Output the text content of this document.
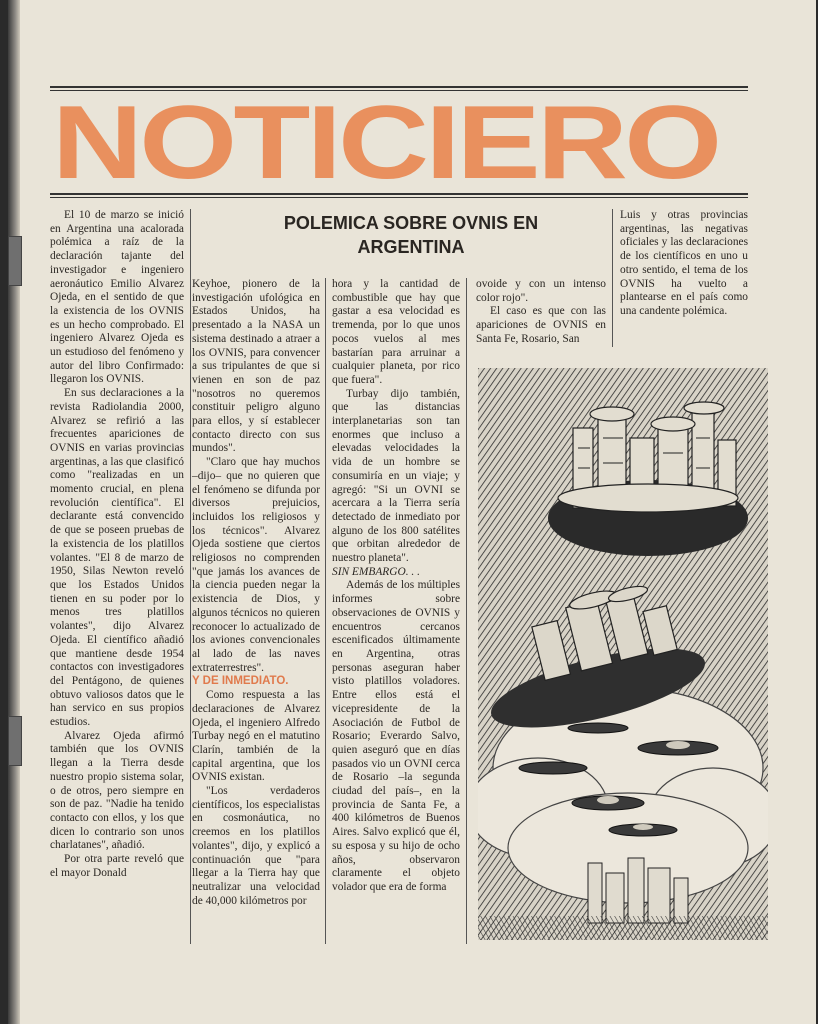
NOTICIERO

El 10 de marzo se inició en Argentina una acalorada polémica a raíz de la declaración tajante del investigador e ingeniero aeronáutico Emilio Alvarez Ojeda, en el sentido de que la existencia de los OVNIS es un hecho comprobado. El ingeniero Alvarez Ojeda es un estudioso del fenómeno y autor del libro Confirmado: llegaron los OVNIS.

En sus declaraciones a la revista Radiolandia 2000, Alvarez se refirió a las frecuentes apariciones de OVNIS en varias provincias argentinas, a las que clasificó como "realizadas en un momento crucial, en plena revolución científica". El declarante está convencido de que se poseen pruebas de la existencia de los platillos volantes. "El 8 de marzo de 1950, Silas Newton reveló que los Estados Unidos tienen en su poder por lo menos tres platillos volantes", dijo Alvarez Ojeda. El científico añadió que mantiene desde 1954 contactos con investigadores del Pentágono, de quienes obtuvo valiosos datos que le han servico en sus propios estudios.

Alvarez Ojeda afirmó también que los OVNIS llegan a la Tierra desde nuestro propio sistema solar, o de otros, pero siempre en son de paz. "Nadie ha tenido contacto con ellos, y los que dicen lo contrario son unos charlatanes", añadió.

Por otra parte reveló que el mayor Donald

POLEMICA SOBRE OVNIS EN
ARGENTINA

Keyhoe, pionero de la investigación ufológica en Estados Unidos, ha presentado a la NASA un sistema destinado a atraer a los OVNIS, para convencer a sus tripulantes de que si vienen en son de paz "nosotros no queremos constituir peligro alguno para ellos, y sí establecer contacto directo con sus mundos".

"Claro que hay muchos –dijo– que no quieren que el fenómeno se difunda por diversos prejuicios, incluidos los religiosos y los técnicos". Alvarez Ojeda sostiene que ciertos religiosos no comprenden "que jamás los avances de la ciencia pueden negar la existencia de Dios, y algunos técnicos no quieren reconocer lo actualizado de los aviones convencionales al lado de las naves extraterrestres".

Y DE INMEDIATO.

Como respuesta a las declaraciones de Alvarez Ojeda, el ingeniero Alfredo Turbay negó en el matutino Clarín, también de la capital argentina, que los OVNIS existan.

"Los verdaderos científicos, los especialistas en cosmonáutica, no creemos en los platillos volantes", dijo, y explicó a continuación que "para llegar a la Tierra hay que neutralizar una velocidad de 40,000 kilómetros por

hora y la cantidad de combustible que hay que gastar a esa velocidad es tremenda, por lo que unos pocos vuelos al mes bastarían para arruinar a cualquier planeta, por rico que fuera".

Turbay dijo también, que las distancias interplanetarias son tan enormes que incluso a elevadas velocidades la vida de un hombre se consumiría en un viaje; y agregó: "Si un OVNI se acercara a la Tierra sería detectado de inmediato por alguno de los 800 satélites que orbitan alrededor de nuestro planeta".

SIN EMBARGO. . .

Además de los múltiples informes sobre observaciones de OVNIS y encuentros cercanos escenificados últimamente en Argentina, otras personas aseguran haber visto platillos voladores. Entre ellos está el vicepresidente de la Asociación de Futbol de Rosario; Everardo Salvo, quien aseguró que en días pasados vio un OVNI cerca de Rosario –la segunda ciudad del país–, en la provincia de Santa Fe, a 400 kilómetros de Buenos Aires. Salvo explicó que él, su esposa y su hijo de ocho años, observaron claramente el objeto volador que era de forma

ovoide y con un intenso color rojo".

El caso es que con las apariciones de OVNIS en Santa Fe, Rosario, San

Luis y otras provincias argentinas, las negativas oficiales y las declaraciones de los científicos en uno u otro sentido, el tema de los OVNIS ha vuelto a plantearse en el país como una candente polémica.
